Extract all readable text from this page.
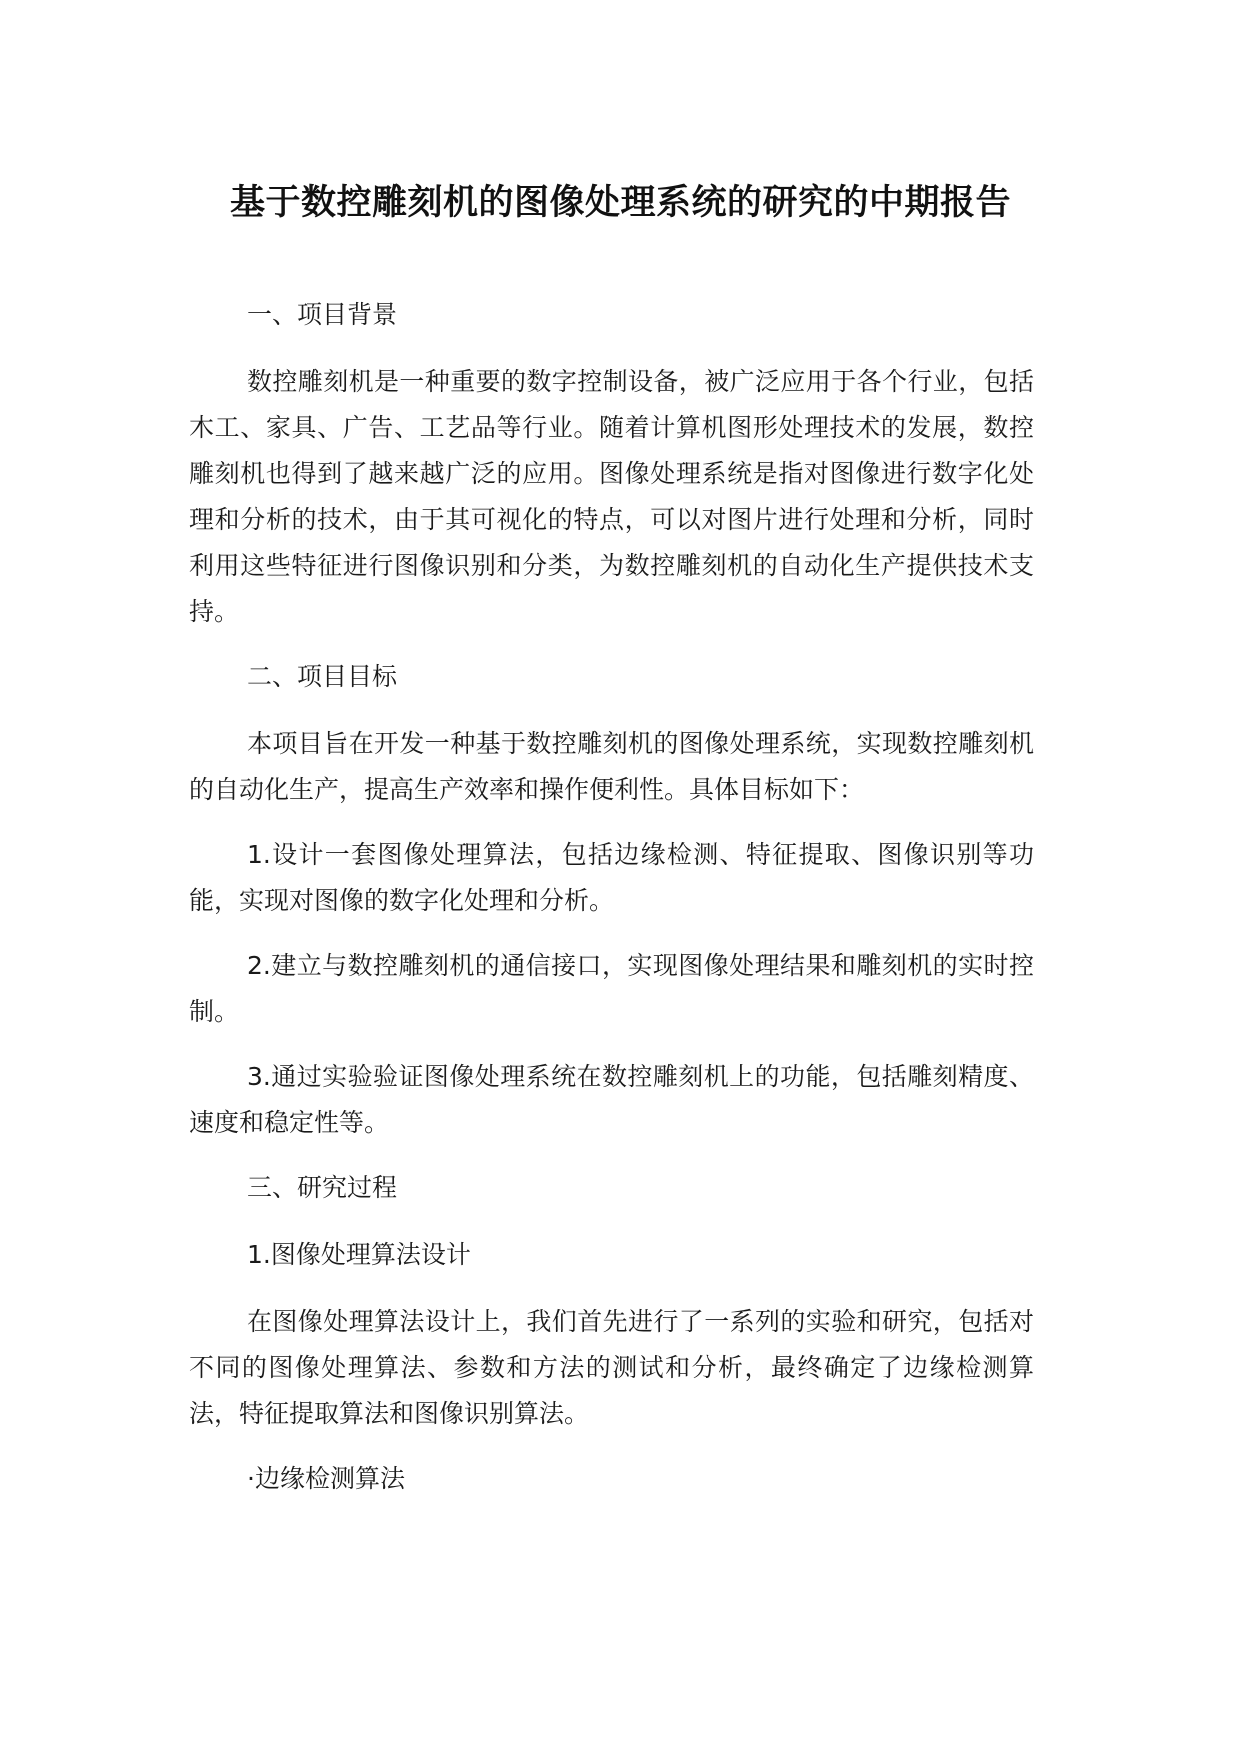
基于数控雕刻机的图像处理系统的研究的中期报告

一、项目背景

数控雕刻机是一种重要的数字控制设备，被广泛应用于各个行业，包括木工、家具、广告、工艺品等行业。随着计算机图形处理技术的发展，数控雕刻机也得到了越来越广泛的应用。图像处理系统是指对图像进行数字化处理和分析的技术，由于其可视化的特点，可以对图片进行处理和分析，同时利用这些特征进行图像识别和分类，为数控雕刻机的自动化生产提供技术支持。

二、项目目标

本项目旨在开发一种基于数控雕刻机的图像处理系统，实现数控雕刻机的自动化生产，提高生产效率和操作便利性。具体目标如下：

1.设计一套图像处理算法，包括边缘检测、特征提取、图像识别等功能，实现对图像的数字化处理和分析。

2.建立与数控雕刻机的通信接口，实现图像处理结果和雕刻机的实时控制。

3.通过实验验证图像处理系统在数控雕刻机上的功能，包括雕刻精度、速度和稳定性等。

三、研究过程

1.图像处理算法设计

在图像处理算法设计上，我们首先进行了一系列的实验和研究，包括对不同的图像处理算法、参数和方法的测试和分析，最终确定了边缘检测算法，特征提取算法和图像识别算法。

·边缘检测算法
